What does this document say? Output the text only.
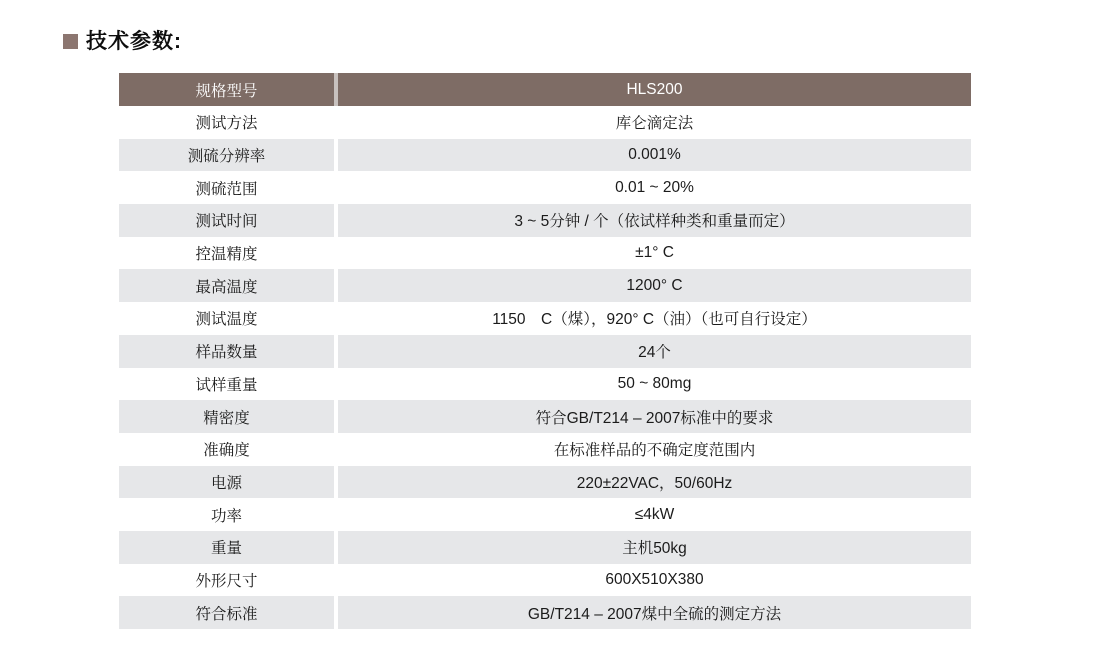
技术参数:
规格型号	HLS200
测试方法	库仑滴定法
测硫分辨率	0.001%
测硫范围	0.01 ~ 20%
测试时间	3 ~ 5分钟 / 个（依试样种类和重量而定）
控温精度	±1° C
最高温度	1200° C
测试温度	1150　C（煤），920° C（油）（也可自行设定）
样品数量	24个
试样重量	50 ~ 80mg
精密度	符合GB/T214 – 2007标准中的要求
准确度	在标准样品的不确定度范围内
电源	220±22VAC，50/60Hz
功率	≤4kW
重量	主机50kg
外形尺寸	600X510X380
符合标准	GB/T214 – 2007煤中全硫的测定方法
